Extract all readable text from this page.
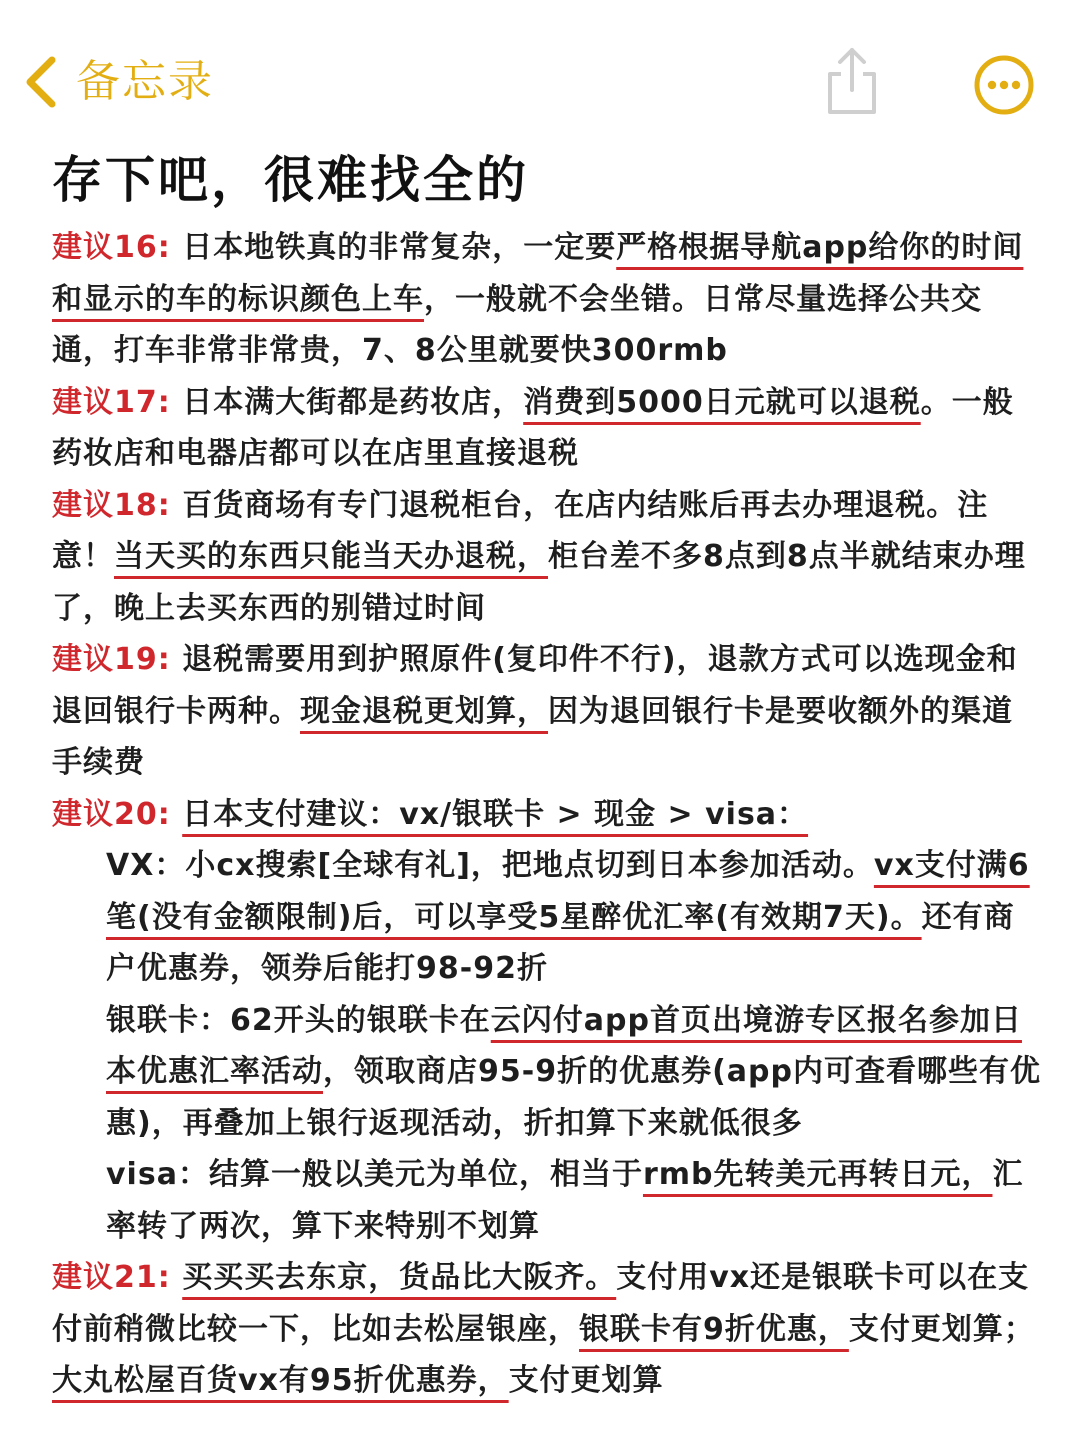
备忘录
存下吧，很难找全的

建议16: 日本地铁真的非常复杂，一定要严格根据导航app给你的时间和显示的车的标识颜色上车，一般就不会坐错。日常尽量选择公共交通，打车非常非常贵，7、8公里就要快300rmb

建议17: 日本满大街都是药妆店，消费到5000日元就可以退税。一般药妆店和电器店都可以在店里直接退税

建议18: 百货商场有专门退税柜台，在店内结账后再去办理退税。注意！当天买的东西只能当天办退税，柜台差不多8点到8点半就结束办理了，晚上去买东西的别错过时间

建议19: 退税需要用到护照原件(复印件不行)，退款方式可以选现金和退回银行卡两种。现金退税更划算，因为退回银行卡是要收额外的渠道手续费

建议20: 日本支付建议：vx/银联卡 > 现金 > visa：

VX：小cx搜索[全球有礼]，把地点切到日本参加活动。vx支付满6笔(没有金额限制)后，可以享受5星醉优汇率(有效期7天)。还有商户优惠券，领券后能打98-92折

银联卡：62开头的银联卡在云闪付app首页出境游专区报名参加日本优惠汇率活动，领取商店95-9折的优惠券(app内可查看哪些有优惠)，再叠加上银行返现活动，折扣算下来就低很多

visa：结算一般以美元为单位，相当于rmb先转美元再转日元，汇率转了两次，算下来特别不划算

建议21: 买买买去东京，货品比大阪齐。支付用vx还是银联卡可以在支付前稍微比较一下，比如去松屋银座，银联卡有9折优惠，支付更划算；大丸松屋百货vx有95折优惠券，支付更划算
